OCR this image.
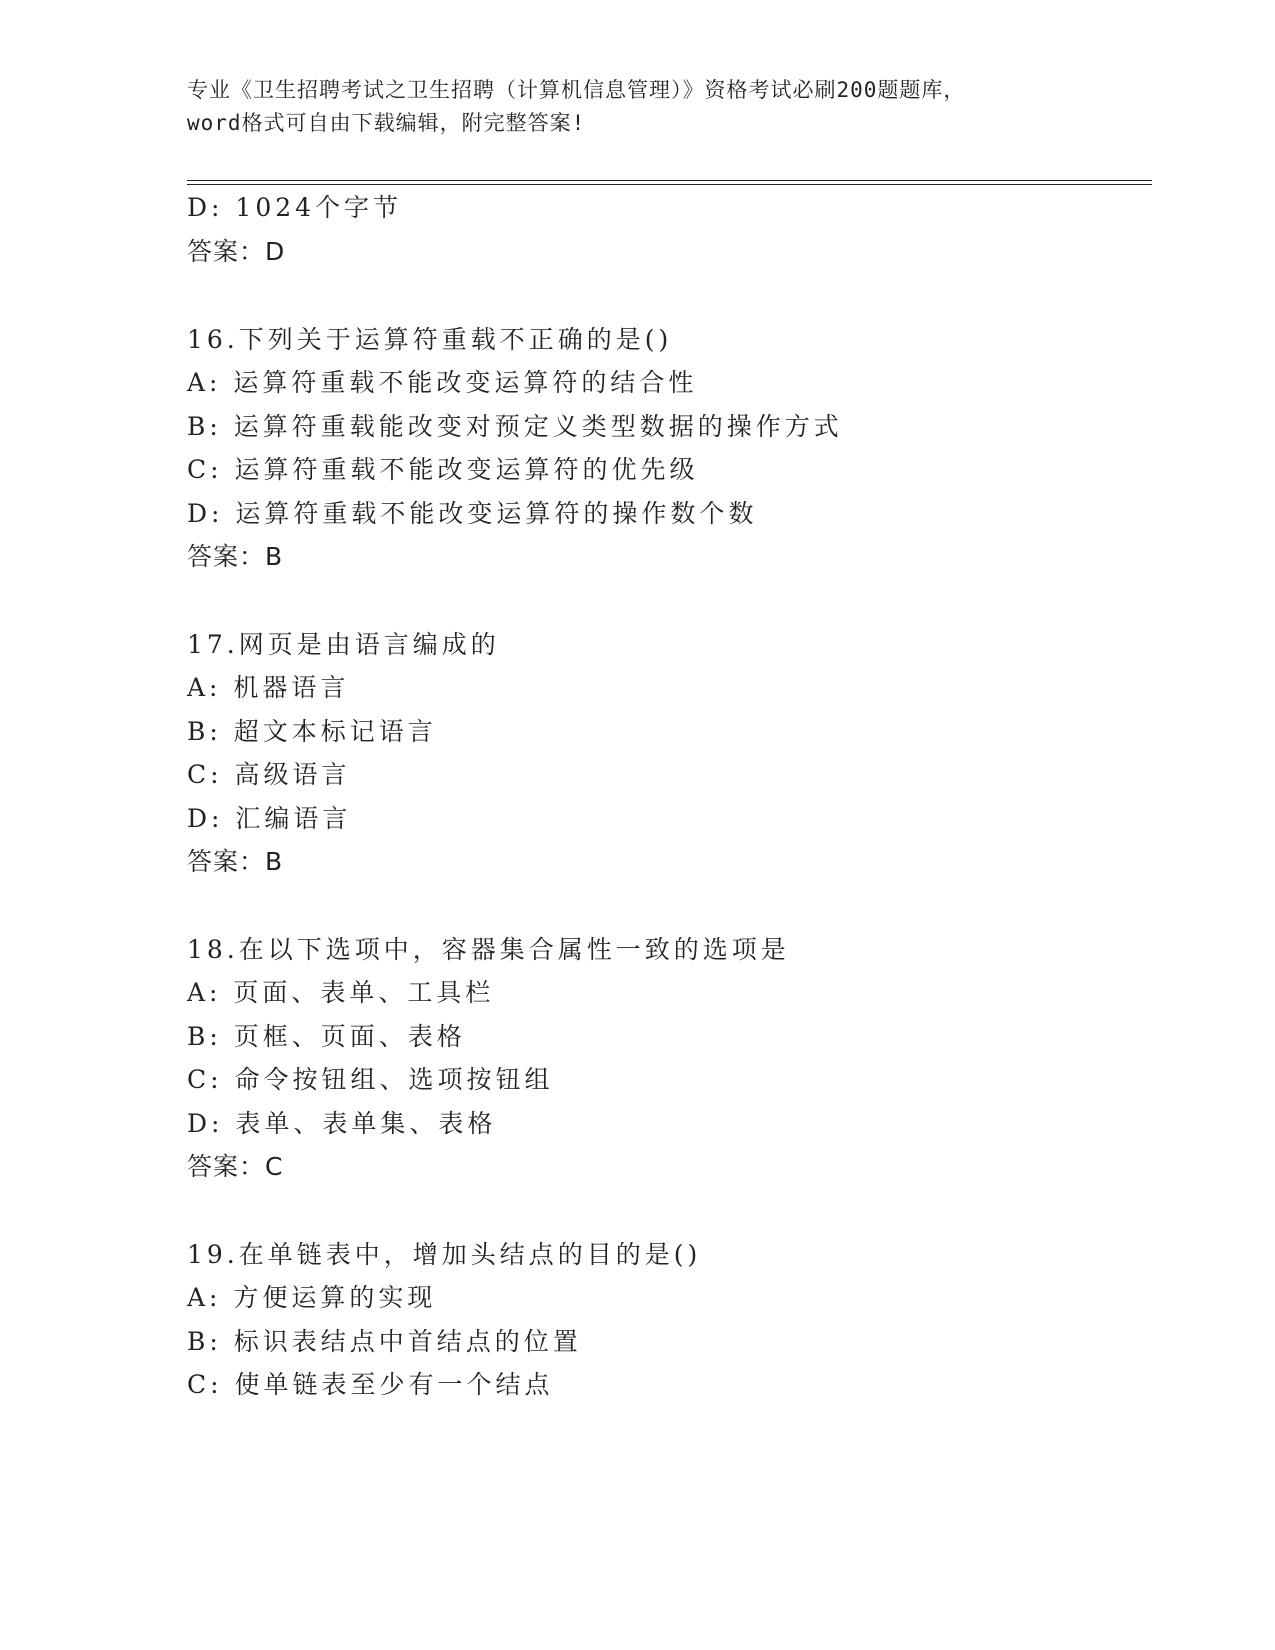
专业《卫生招聘考试之卫生招聘（计算机信息管理）》资格考试必刷200题题库，
word格式可自由下载编辑，附完整答案!
D: 1024个字节
答案：D
16.下列关于运算符重载不正确的是()
A: 运算符重载不能改变运算符的结合性
B: 运算符重载能改变对预定义类型数据的操作方式
C: 运算符重载不能改变运算符的优先级
D: 运算符重载不能改变运算符的操作数个数
答案：B
17.网页是由语言编成的
A: 机器语言
B: 超文本标记语言
C: 高级语言
D: 汇编语言
答案：B
18.在以下选项中，容器集合属性一致的选项是
A: 页面、表单、工具栏
B: 页框、页面、表格
C: 命令按钮组、选项按钮组
D: 表单、表单集、表格
答案：C
19.在单链表中，增加头结点的目的是()
A: 方便运算的实现
B: 标识表结点中首结点的位置
C: 使单链表至少有一个结点
